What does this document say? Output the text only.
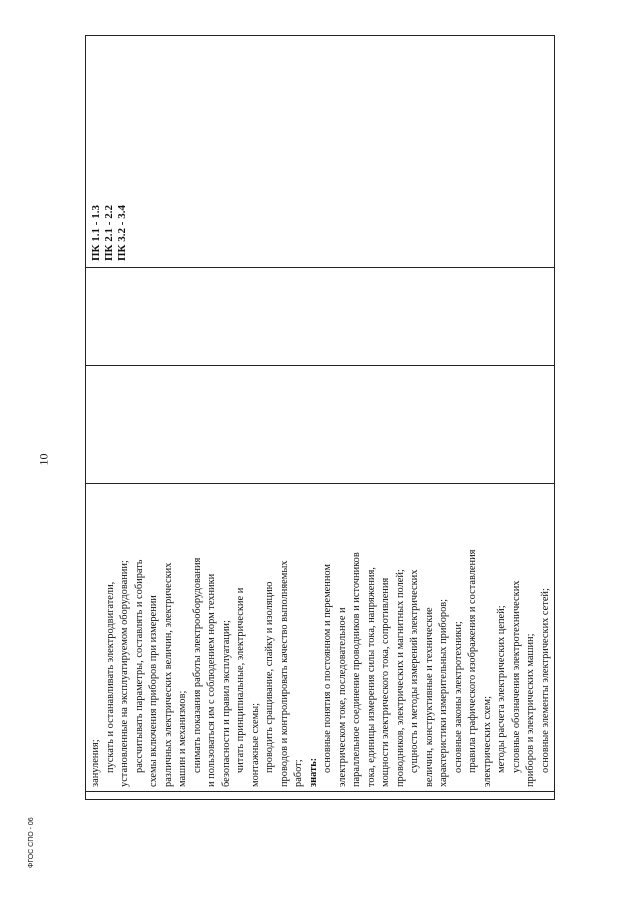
10
зануления; пускать и останавливать электродвигатели, установленные на эксплуатируемом оборудовании; рассчитывать параметры, составлять и собирать схемы включения приборов при измерении различных электрических величин, электрических машин и механизмов; снимать показания работы электрооборудования и пользоваться им с соблюдением норм техники безопасности и правил эксплуатации; читать принципиальные, электрические и монтажные схемы; проводить сращивание, спайку и изоляцию проводов и контролировать качество выполняемых работ; знать: основные понятия о постоянном и переменном электрическом токе, последовательное и параллельное соединение проводников и источников тока, единицы измерения силы тока, напряжения, мощности электрического тока, сопротивления проводников, электрических и магнитных полей; сущность и методы измерений электрических величин, конструктивные и технические характеристики измерительных приборов; основные законы электротехники; правила графического изображения и составления электрических схем; методы расчета электрических цепей; условные обозначения электротехнических приборов и электрических машин; основные элементы электрических сетей;
ПК 1.1 - 1.3 ПК 2.1 - 2.2 ПК 3.2 - 3.4
ФГОС СПО - 06
